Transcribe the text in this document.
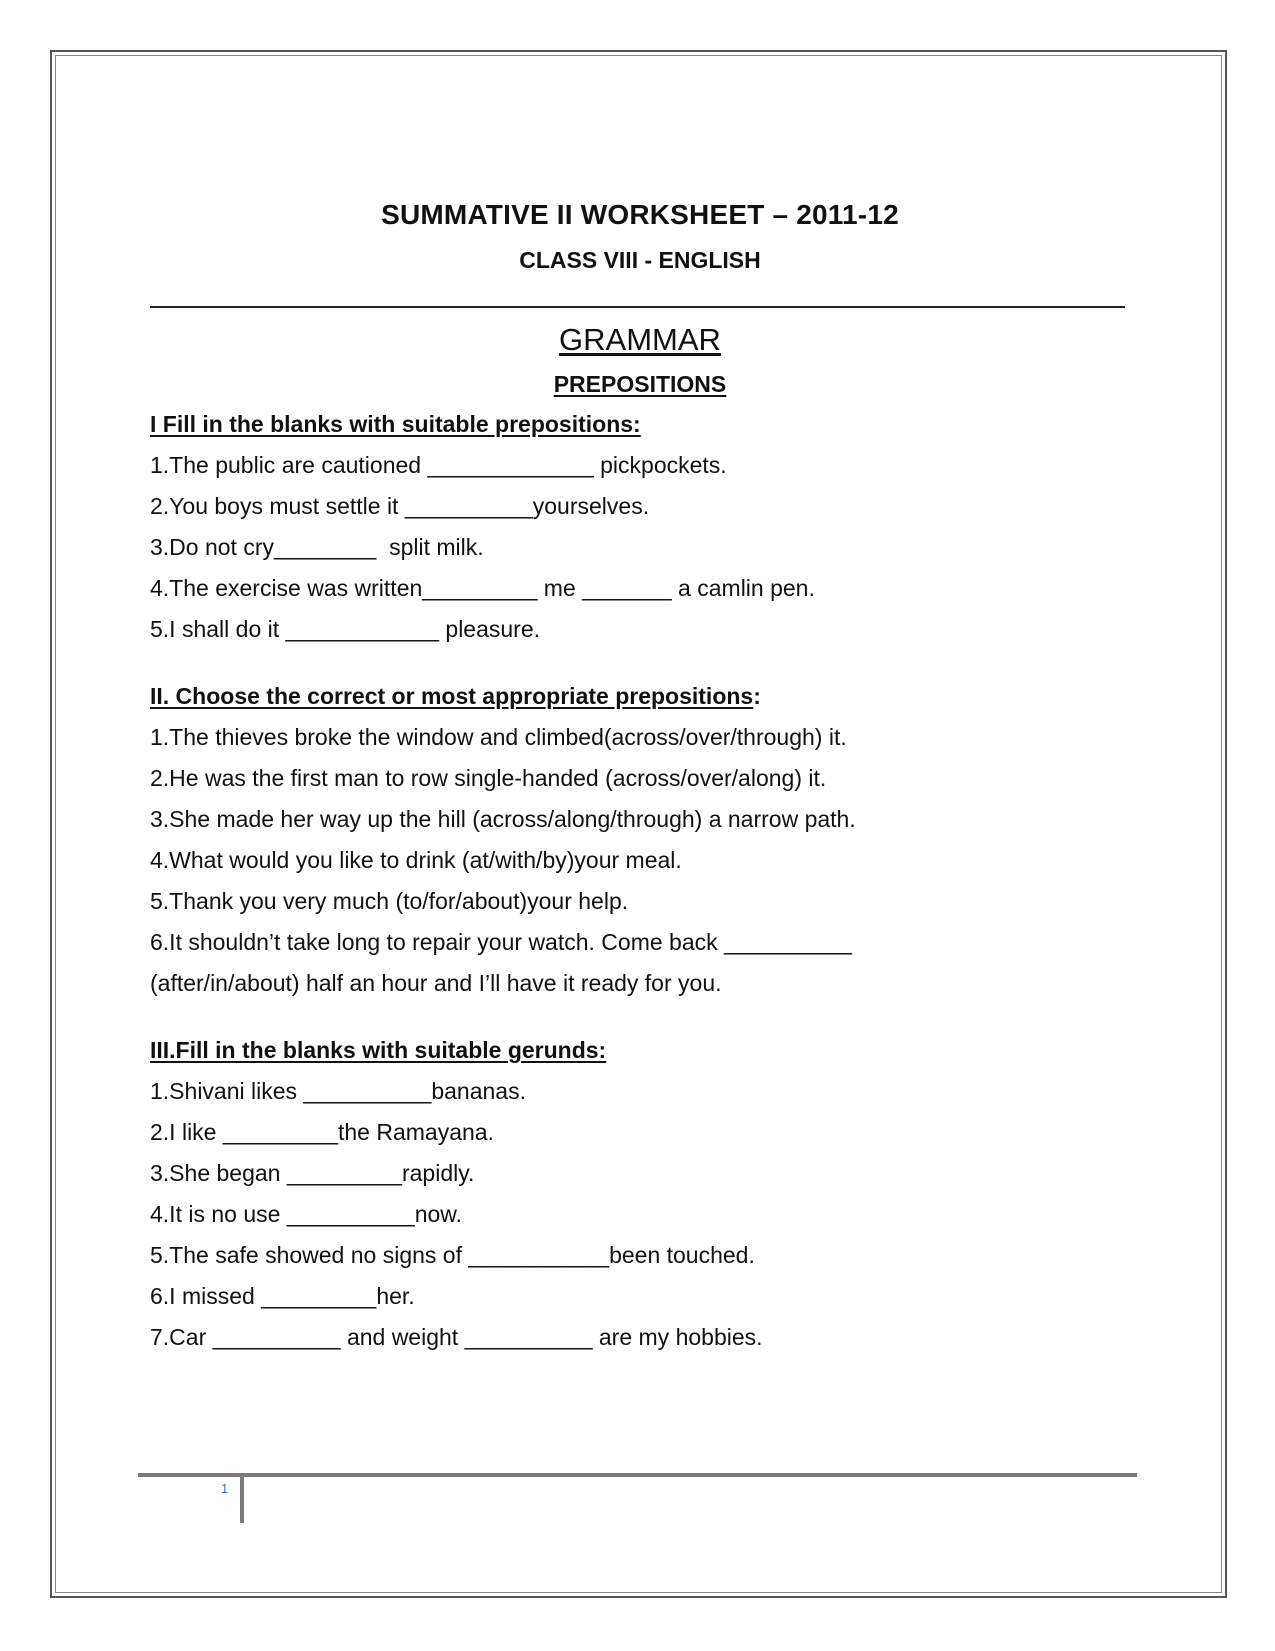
SUMMATIVE II WORKSHEET – 2011-12

CLASS VIII - ENGLISH

GRAMMAR

PREPOSITIONS

I Fill in the blanks with suitable prepositions:

1.The public are cautioned _____________ pickpockets.

2.You boys must settle it __________yourselves.

3.Do not cry________  split milk.

4.The exercise was written_________ me _______ a camlin pen.

5.I shall do it ____________ pleasure.

II. Choose the correct or most appropriate prepositions:

1.The thieves broke the window and climbed(across/over/through) it.

2.He was the first man to row single-handed (across/over/along) it.

3.She made her way up the hill (across/along/through) a narrow path.

4.What would you like to drink (at/with/by)your meal.

5.Thank you very much (to/for/about)your help.

6.It shouldn’t take long to repair your watch. Come back __________

(after/in/about) half an hour and I’ll have it ready for you.

III.Fill in the blanks with suitable gerunds:

1.Shivani likes __________bananas.

2.I like _________the Ramayana.

3.She began _________rapidly.

4.It is no use __________now.

5.The safe showed no signs of ___________been touched.

6.I missed _________her.

7.Car __________ and weight __________ are my hobbies.

1
